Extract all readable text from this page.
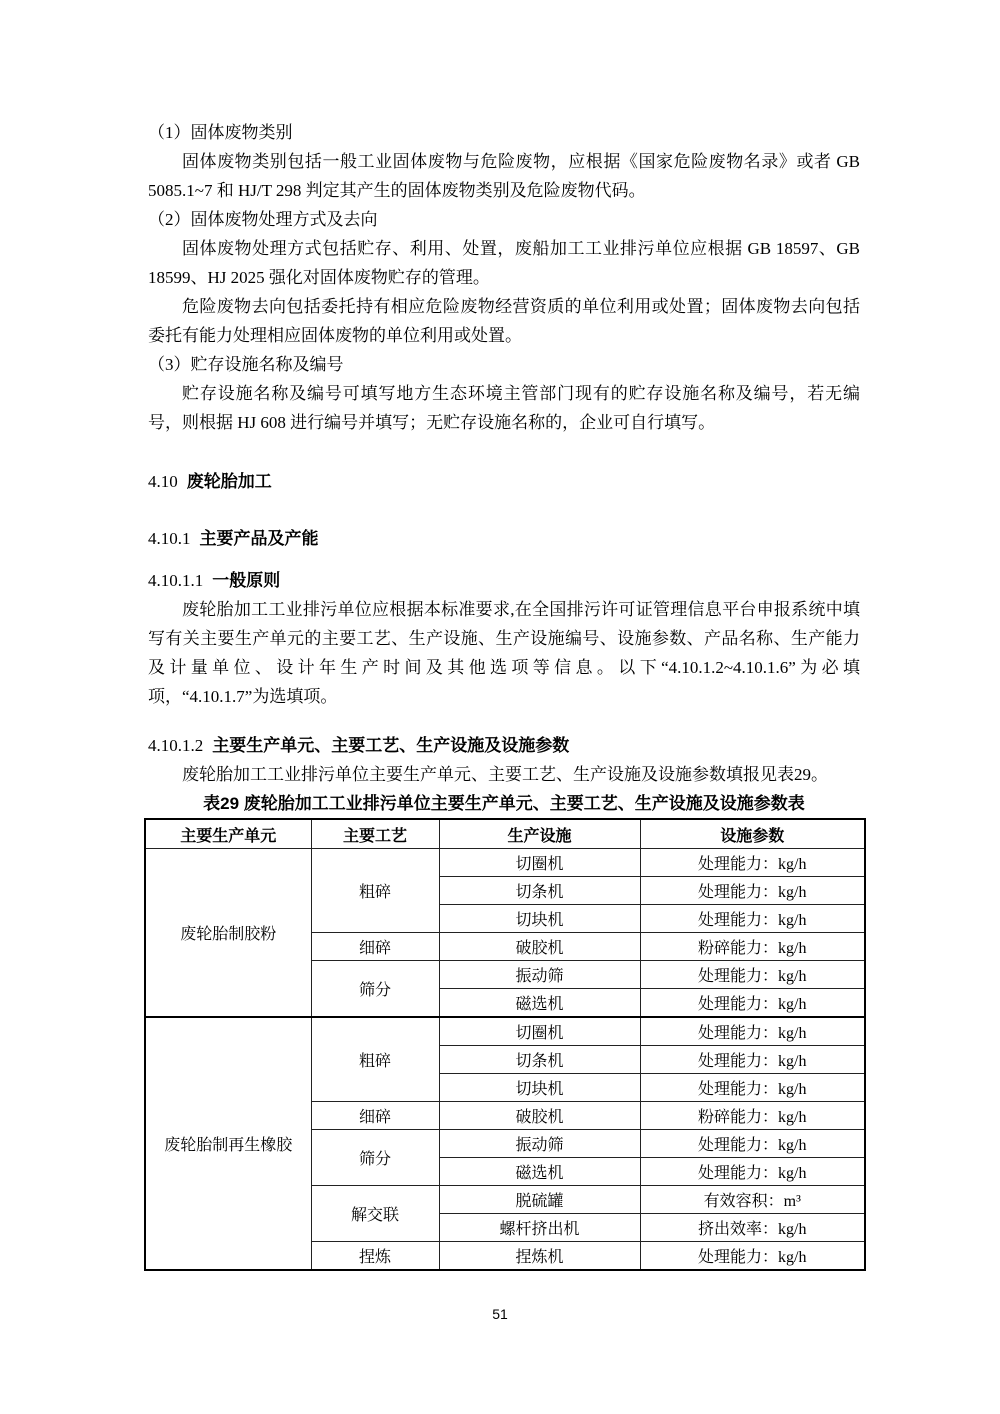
（1）固体废物类别

固体废物类别包括一般工业固体废物与危险废物，应根据《国家危险废物名录》或者 GB 5085.1~7 和 HJ/T 298 判定其产生的固体废物类别及危险废物代码。

（2）固体废物处理方式及去向

固体废物处理方式包括贮存、利用、处置，废船加工工业排污单位应根据 GB 18597、GB 18599、HJ 2025 强化对固体废物贮存的管理。

危险废物去向包括委托持有相应危险废物经营资质的单位利用或处置；固体废物去向包括委托有能力处理相应固体废物的单位利用或处置。

（3）贮存设施名称及编号

贮存设施名称及编号可填写地方生态环境主管部门现有的贮存设施名称及编号，若无编号，则根据 HJ 608 进行编号并填写；无贮存设施名称的，企业可自行填写。

4.10 废轮胎加工

4.10.1 主要产品及产能

4.10.1.1 一般原则

废轮胎加工工业排污单位应根据本标准要求,在全国排污许可证管理信息平台申报系统中填写有关主要生产单元的主要工艺、生产设施、生产设施编号、设施参数、产品名称、生产能力及计量单位、设计年生产时间及其他选项等信息。以下“4.10.1.2~4.10.1.6”为必填项，“4.10.1.7”为选填项。

4.10.1.2 主要生产单元、主要工艺、生产设施及设施参数

废轮胎加工工业排污单位主要生产单元、主要工艺、生产设施及设施参数填报见表29。

表29 废轮胎加工工业排污单位主要生产单元、主要工艺、生产设施及设施参数表

主要生产单元	主要工艺	生产设施	设施参数
废轮胎制胶粉	粗碎	切圈机	处理能力：kg/h
		切条机	处理能力：kg/h
		切块机	处理能力：kg/h
	细碎	破胶机	粉碎能力：kg/h
	筛分	振动筛	处理能力：kg/h
		磁选机	处理能力：kg/h
废轮胎制再生橡胶	粗碎	切圈机	处理能力：kg/h
		切条机	处理能力：kg/h
		切块机	处理能力：kg/h
	细碎	破胶机	粉碎能力：kg/h
	筛分	振动筛	处理能力：kg/h
		磁选机	处理能力：kg/h
	解交联	脱硫罐	有效容积：m³
		螺杆挤出机	挤出效率：kg/h
	捏炼	捏炼机	处理能力：kg/h
51
